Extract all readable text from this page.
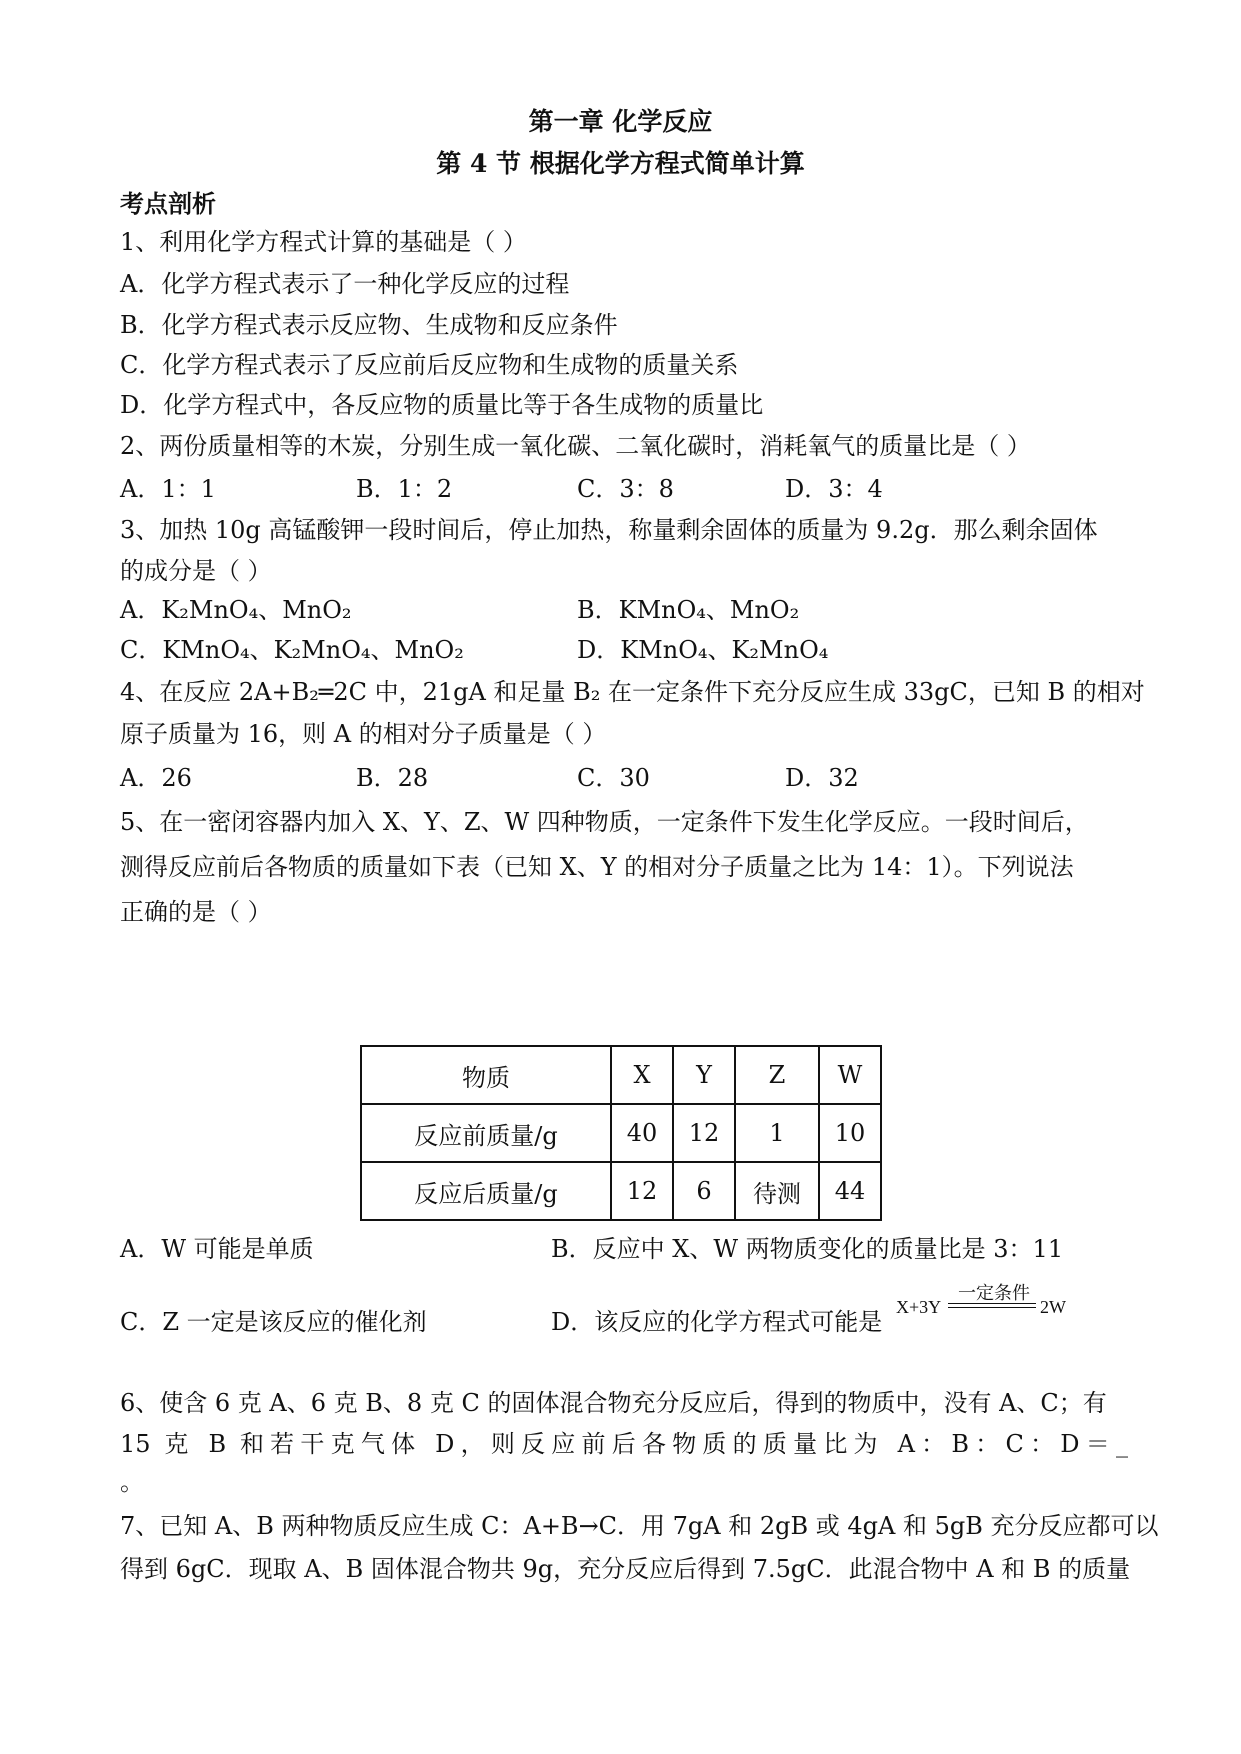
第一章 化学反应
第 4 节 根据化学方程式简单计算
考点剖析
1、利用化学方程式计算的基础是（ ）
A．化学方程式表示了一种化学反应的过程
B．化学方程式表示反应物、生成物和反应条件
C．化学方程式表示了反应前后反应物和生成物的质量关系
D．化学方程式中，各反应物的质量比等于各生成物的质量比
2、两份质量相等的木炭，分别生成一氧化碳、二氧化碳时，消耗氧气的质量比是（ ）
A．1：1	B．1：2	C．3：8	D．3：4
3、加热 10g 高锰酸钾一段时间后，停止加热，称量剩余固体的质量为 9.2g．那么剩余固体
的成分是（ ）
A．K₂MnO₄、MnO₂	B．KMnO₄、MnO₂
C．KMnO₄、K₂MnO₄、MnO₂	D．KMnO₄、K₂MnO₄
4、在反应 2A+B₂═2C 中，21gA 和足量 B₂ 在一定条件下充分反应生成 33gC，已知 B 的相对
原子质量为 16，则 A 的相对分子质量是（ ）
A．26	B．28	C．30	D．32
5、在一密闭容器内加入 X、Y、Z、W 四种物质，一定条件下发生化学反应。一段时间后，
测得反应前后各物质的质量如下表（已知 X、Y 的相对分子质量之比为 14：1）。下列说法
正确的是（ ）
物质	X	Y	Z	W
反应前质量/g	40	12	1	10
反应后质量/g	12	6	待测	44
A．W 可能是单质	B．反应中 X、W 两物质变化的质量比是 3：11
C．Z 一定是该反应的催化剂	D．该反应的化学方程式可能是
X+3Y
一定条件
2W
6、使含 6 克 A、6 克 B、8 克 C 的固体混合物充分反应后，得到的物质中，没有 A、C；有
15 克 B 和若干克气体 D，则反应前后各物质的质量比为 A：B：C：D＝_
。
7、已知 A、B 两种物质反应生成 C：A+B→C．用 7gA 和 2gB 或 4gA 和 5gB 充分反应都可以
得到 6gC．现取 A、B 固体混合物共 9g，充分反应后得到 7.5gC．此混合物中 A 和 B 的质量
